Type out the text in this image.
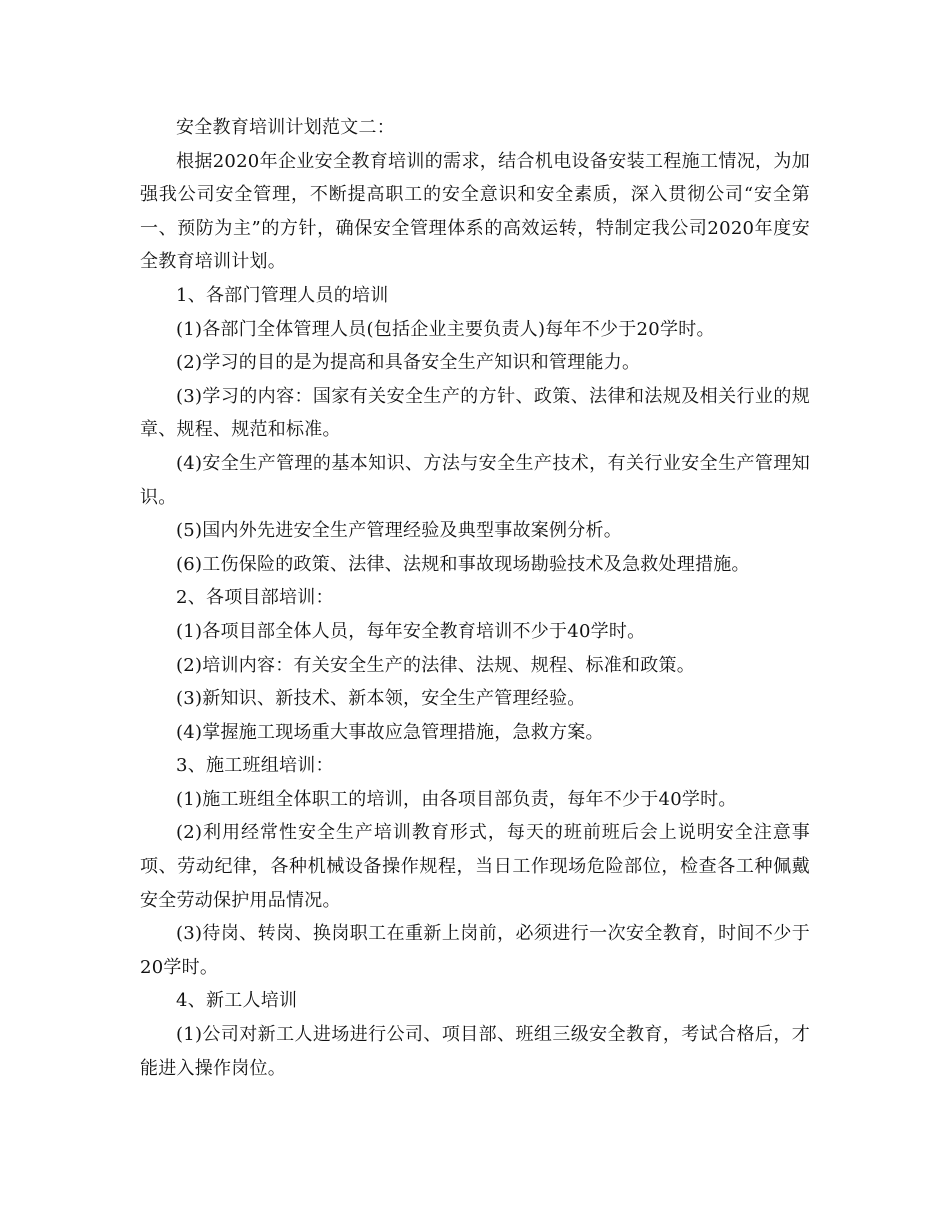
安全教育培训计划范文二：

根据2020年企业安全教育培训的需求，结合机电设备安装工程施工情况，为加强我公司安全管理，不断提高职工的安全意识和安全素质，深入贯彻公司“安全第一、预防为主”的方针，确保安全管理体系的高效运转，特制定我公司2020年度安全教育培训计划。

1、各部门管理人员的培训

(1)各部门全体管理人员(包括企业主要负责人)每年不少于20学时。

(2)学习的目的是为提高和具备安全生产知识和管理能力。

(3)学习的内容：国家有关安全生产的方针、政策、法律和法规及相关行业的规章、规程、规范和标准。

(4)安全生产管理的基本知识、方法与安全生产技术，有关行业安全生产管理知识。

(5)国内外先进安全生产管理经验及典型事故案例分析。

(6)工伤保险的政策、法律、法规和事故现场勘验技术及急救处理措施。

2、各项目部培训：

(1)各项目部全体人员，每年安全教育培训不少于40学时。

(2)培训内容：有关安全生产的法律、法规、规程、标准和政策。

(3)新知识、新技术、新本领，安全生产管理经验。

(4)掌握施工现场重大事故应急管理措施，急救方案。

3、施工班组培训：

(1)施工班组全体职工的培训，由各项目部负责，每年不少于40学时。

(2)利用经常性安全生产培训教育形式，每天的班前班后会上说明安全注意事项、劳动纪律，各种机械设备操作规程，当日工作现场危险部位，检查各工种佩戴安全劳动保护用品情况。

(3)待岗、转岗、换岗职工在重新上岗前，必须进行一次安全教育，时间不少于20学时。

4、新工人培训

(1)公司对新工人进场进行公司、项目部、班组三级安全教育，考试合格后，才能进入操作岗位。
